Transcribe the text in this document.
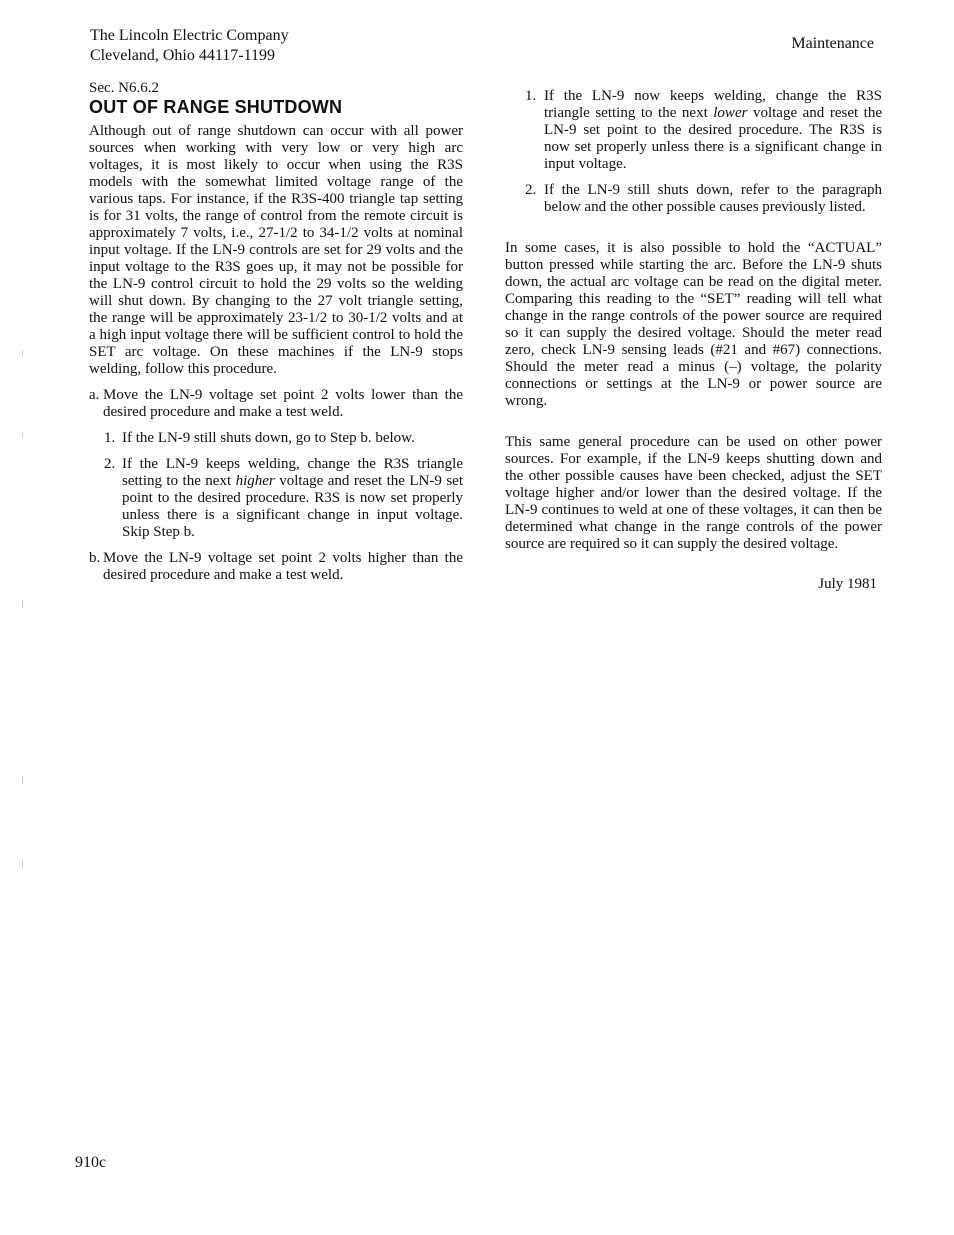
The Lincoln Electric Company
Cleveland, Ohio 44117-1199
Maintenance
Sec. N6.6.2
OUT OF RANGE SHUTDOWN

Although out of range shutdown can occur with all power sources when working with very low or very high arc voltages, it is most likely to occur when using the R3S models with the somewhat limited voltage range of the various taps. For instance, if the R3S-400 triangle tap setting is for 31 volts, the range of control from the remote circuit is approximately 7 volts, i.e., 27-1/2 to 34-1/2 volts at nominal input voltage. If the LN-9 controls are set for 29 volts and the input voltage to the R3S goes up, it may not be possible for the LN-9 control circuit to hold the 29 volts so the welding will shut down. By changing to the 27 volt triangle setting, the range will be approximately 23-1/2 to 30-1/2 volts and at a high input voltage there will be sufficient control to hold the SET arc voltage. On these machines if the LN-9 stops welding, follow this procedure.

a. Move the LN-9 voltage set point 2 volts lower than the desired procedure and make a test weld.
1. If the LN-9 still shuts down, go to Step b. below.
2. If the LN-9 keeps welding, change the R3S triangle setting to the next higher voltage and reset the LN-9 set point to the desired procedure. R3S is now set properly unless there is a significant change in input voltage. Skip Step b.
b. Move the LN-9 voltage set point 2 volts higher than the desired procedure and make a test weld.
1. If the LN-9 now keeps welding, change the R3S triangle setting to the next lower voltage and reset the LN-9 set point to the desired procedure. The R3S is now set properly unless there is a significant change in input voltage.
2. If the LN-9 still shuts down, refer to the paragraph below and the other possible causes previously listed.

In some cases, it is also possible to hold the “ACTUAL” button pressed while starting the arc. Before the LN-9 shuts down, the actual arc voltage can be read on the digital meter. Comparing this reading to the “SET” reading will tell what change in the range controls of the power source are required so it can supply the desired voltage. Should the meter read zero, check LN-9 sensing leads (#21 and #67) connections. Should the meter read a minus (–) voltage, the polarity connections or settings at the LN-9 or power source are wrong.

This same general procedure can be used on other power sources. For example, if the LN-9 keeps shutting down and the other possible causes have been checked, adjust the SET voltage higher and/or lower than the desired voltage. If the LN-9 continues to weld at one of these voltages, it can then be determined what change in the range controls of the power source are required so it can supply the desired voltage.

July 1981
910c
